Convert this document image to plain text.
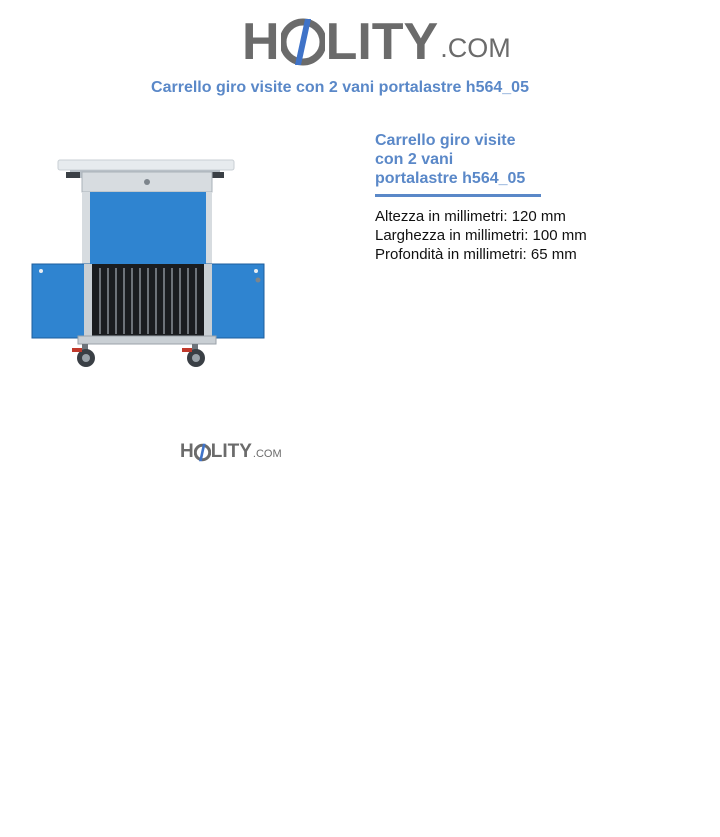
H LITY .COM
Carrello giro visite con 2 vani portalastre h564_05
H LITY .COM
Carrello giro visite
con 2 vani
portalastre h564_05
Altezza in millimetri: 120 mm
Larghezza in millimetri: 100 mm
Profondità in millimetri: 65 mm
